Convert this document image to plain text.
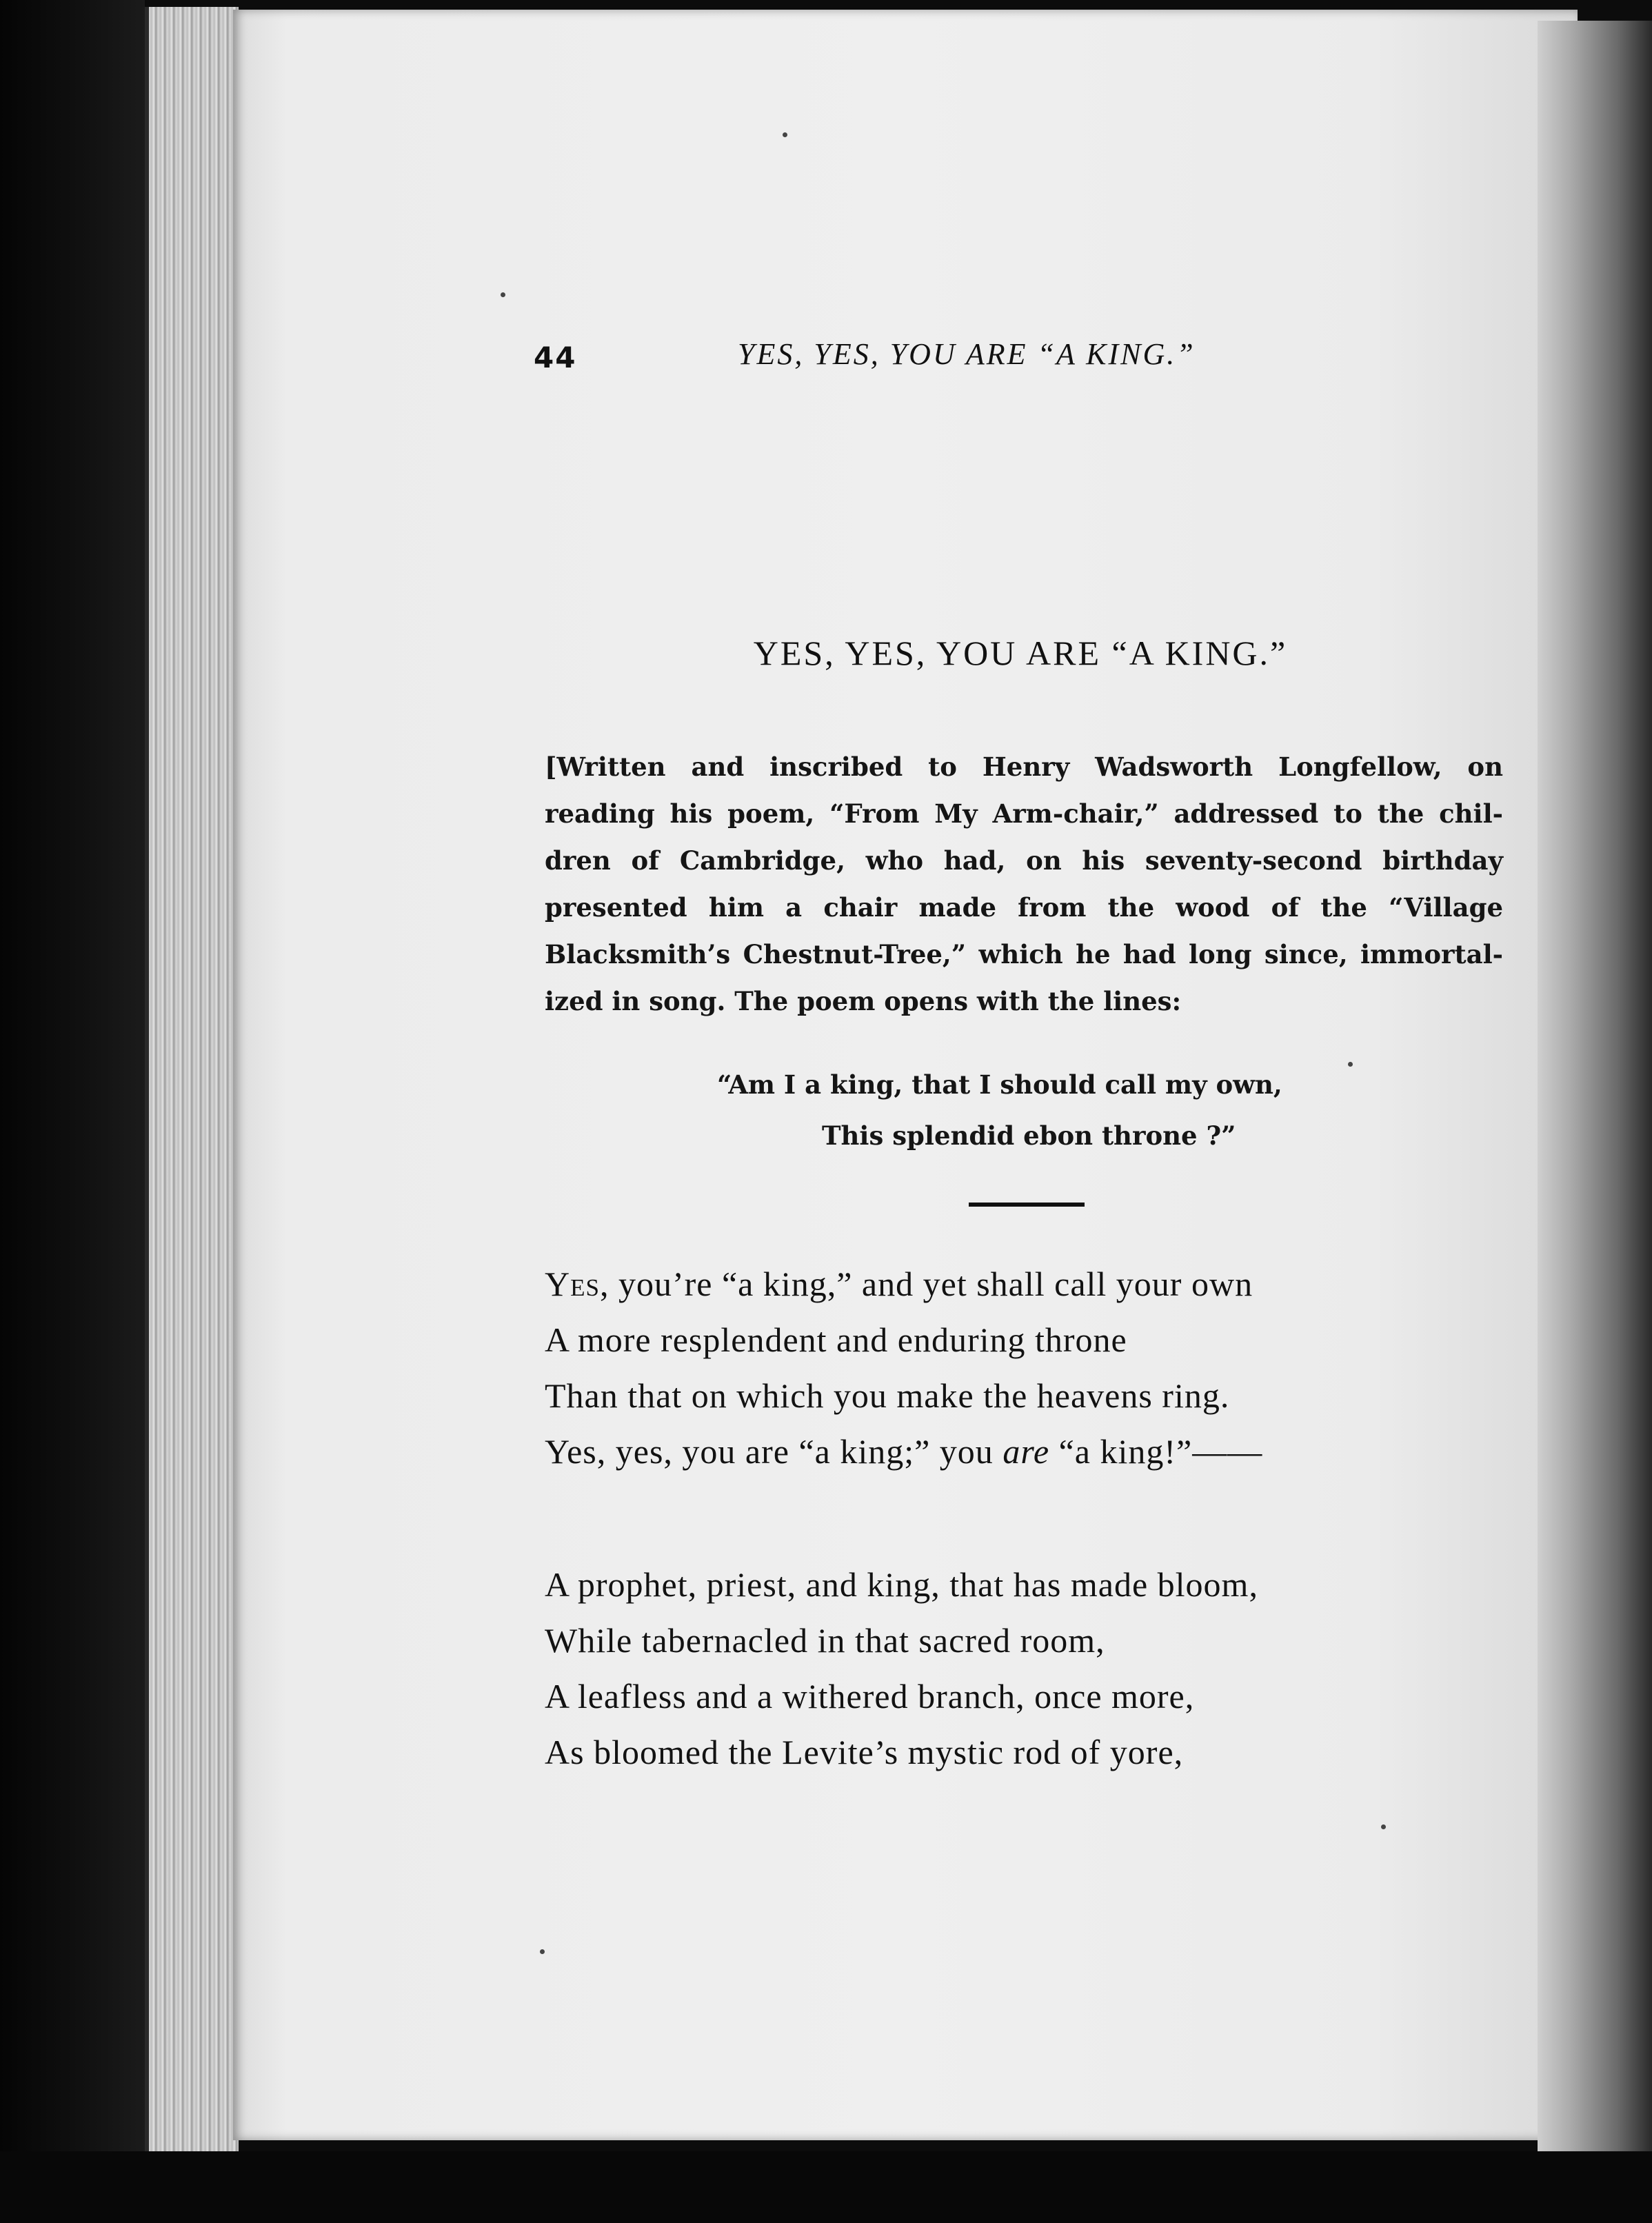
44	YES, YES, YOU ARE “A KING.”
YES, YES, YOU ARE “A KING.”
[Written and inscribed to Henry Wadsworth Longfellow, on
reading his poem, “From My Arm-chair,” addressed to the chil-
dren of Cambridge, who had, on his seventy-second birthday
presented him a chair made from the wood of the “Village
Blacksmith’s Chestnut-Tree,” which he had long since, immortal-
ized in song. The poem opens with the lines:
“Am I a king, that I should call my own,
This splendid ebon throne ?”
Yes, you’re “a king,” and yet shall call your own
A more resplendent and enduring throne
Than that on which you make the heavens ring.
Yes, yes, you are “a king;” you are “a king!”——
A prophet, priest, and king, that has made bloom,
While tabernacled in that sacred room,
A leafless and a withered branch, once more,
As bloomed the Levite’s mystic rod of yore,
